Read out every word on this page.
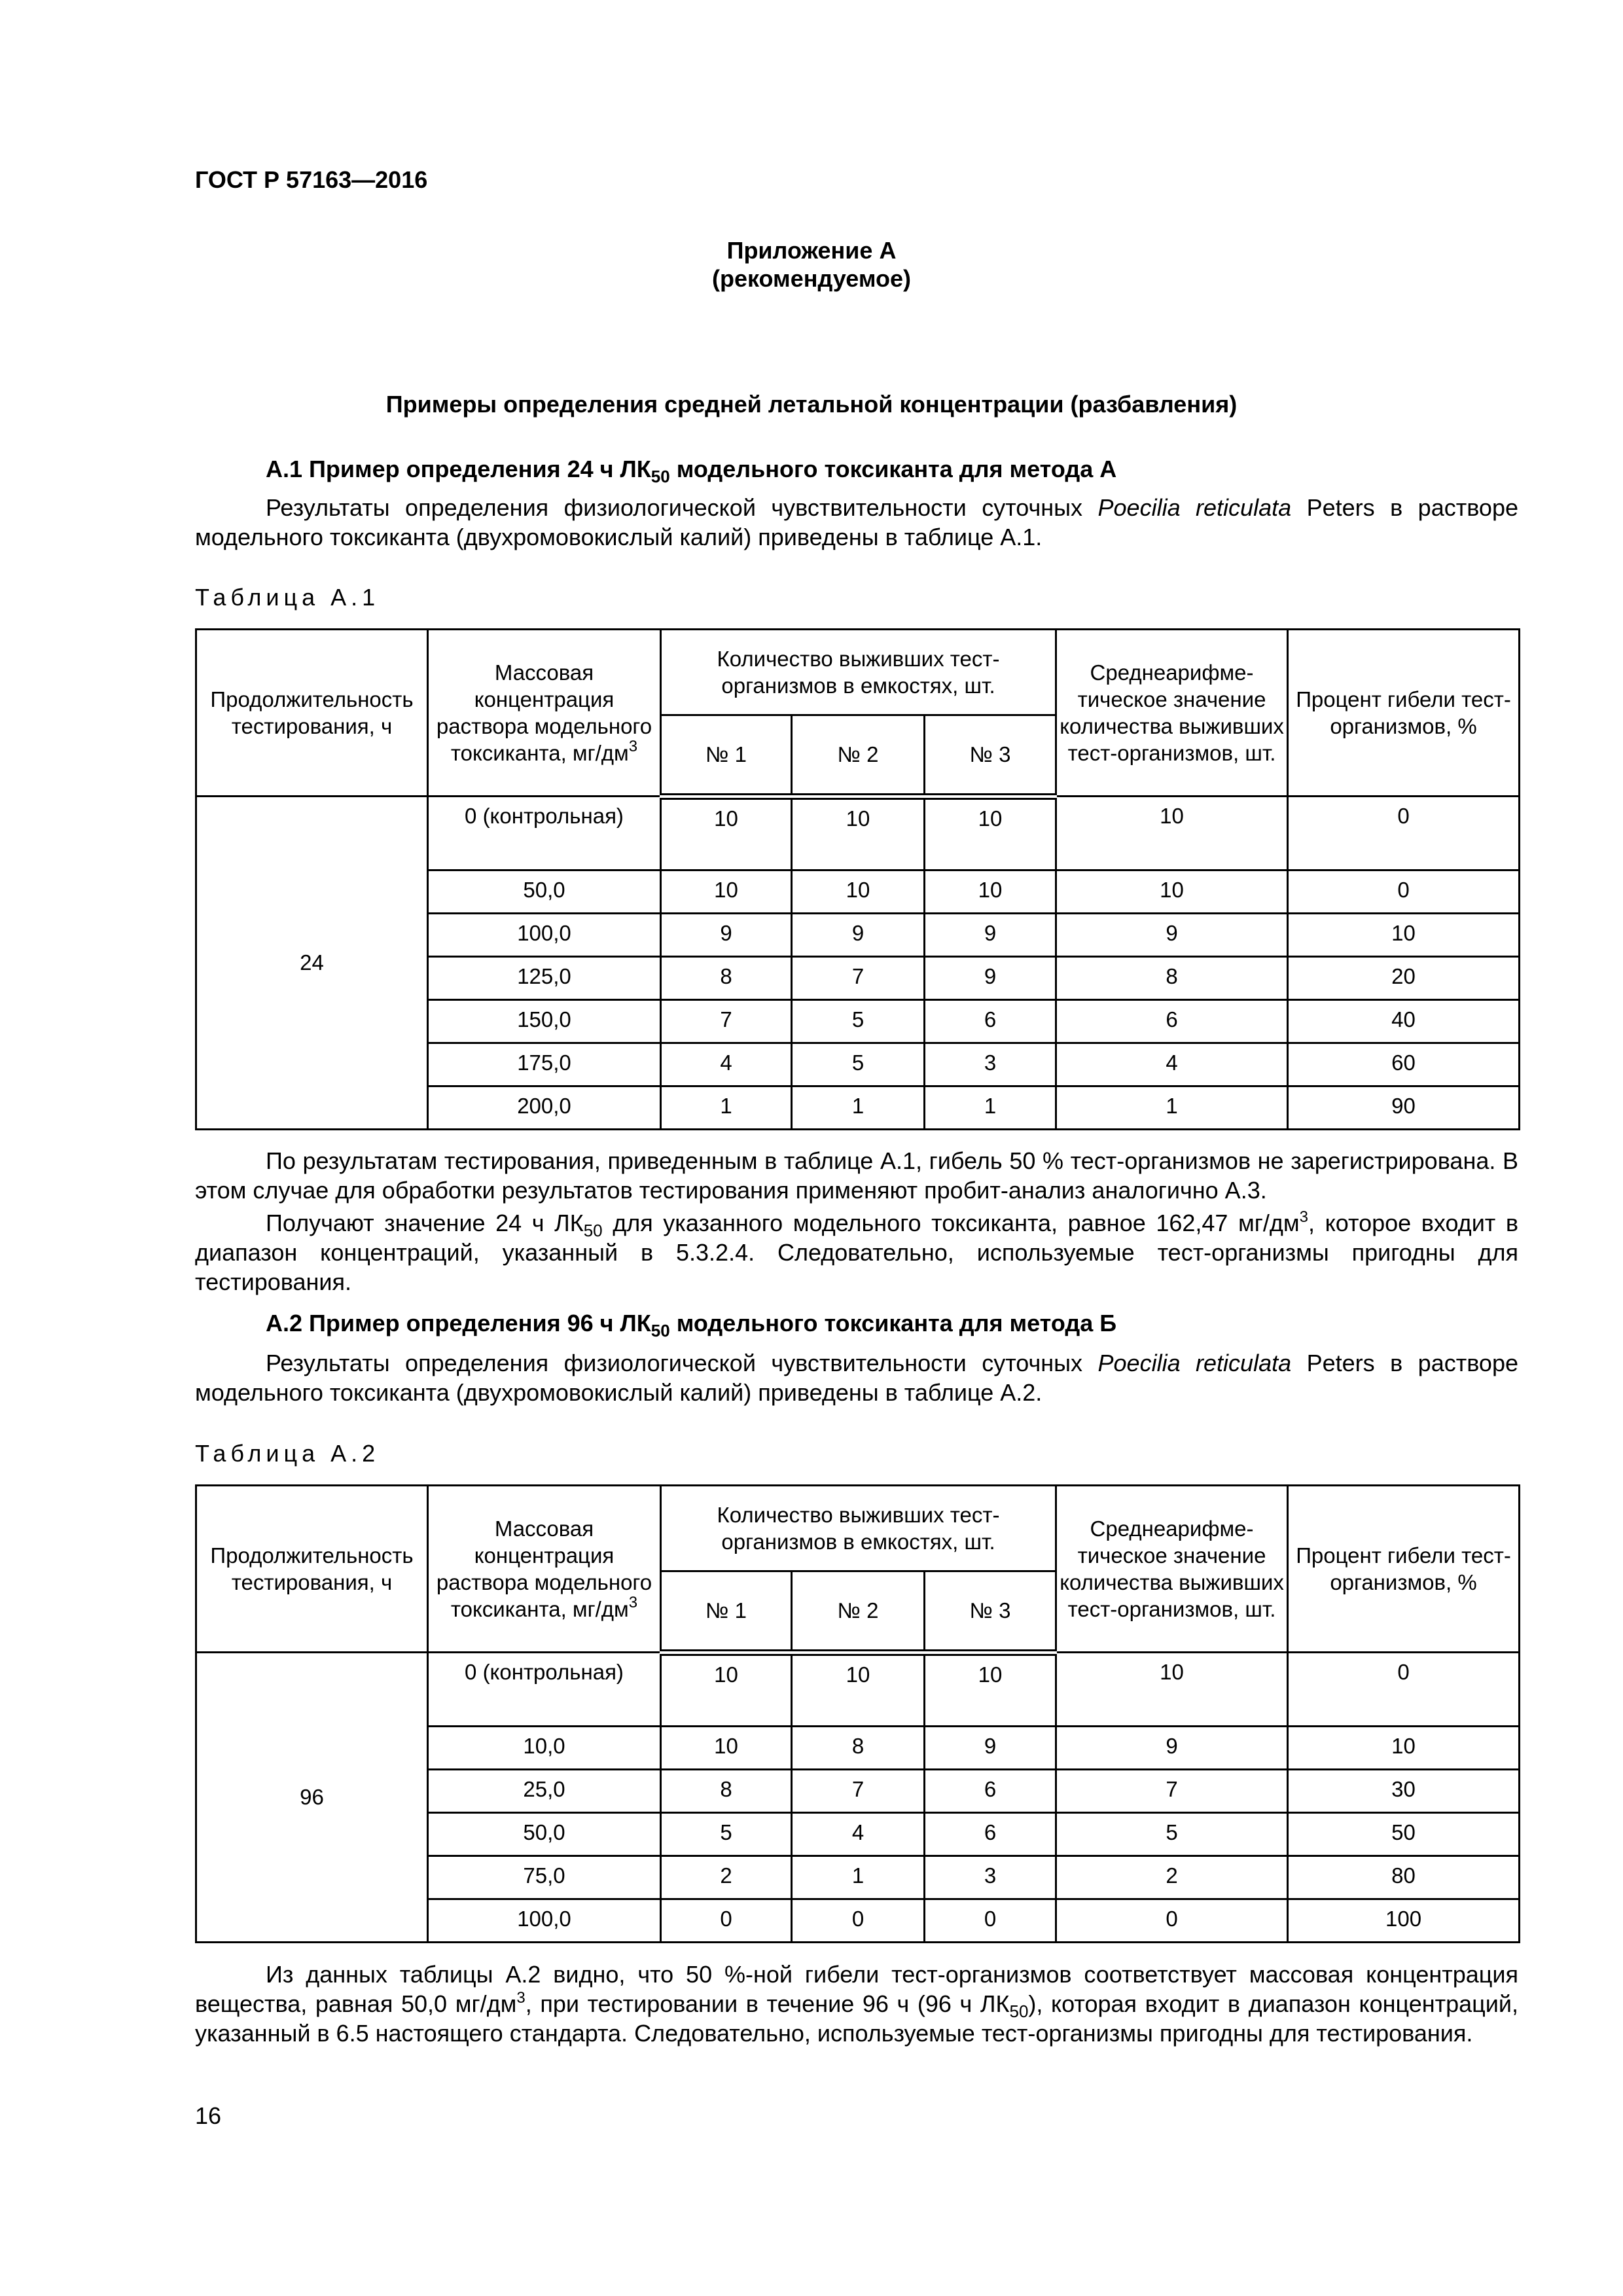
ГОСТ Р 57163—2016
Приложение А
(рекомендуемое)
Примеры определения средней летальной концентрации (разбавления)
А.1 Пример определения 24 ч $ЛК_{50}$ модельного токсиканта для метода А

Результаты определения физиологической чувствительности суточных Poecilia reticulata Peters в растворе модельного токсиканта (двухромовокислый калий) приведены в таблице А.1.

Таблица А.1
Продолжительность тестирования, ч	Массовая концентрация раствора модельного токсиканта, $мг/дм^3$	Количество выживших тест-организмов в емкостях, шт.			Среднеарифме-тическое значение количества выживших тест-организмов, шт.	Процент гибели тест-организмов, %
		№ 1	№ 2	№ 3		
24	0 (контрольная)	10	10	10	10	0
	50,0	10	10	10	10	0
	100,0	9	9	9	9	10
	125,0	8	7	9	8	20
	150,0	7	5	6	6	40
	175,0	4	5	3	4	60
	200,0	1	1	1	1	90

По результатам тестирования, приведенным в таблице А.1, гибель 50 % тест-организмов не зарегистрирована. В этом случае для обработки результатов тестирования применяют пробит-анализ аналогично А.3.

Получают значение 24 ч $ЛК_{50}$ для указанного модельного токсиканта, равное 162,47 $мг/дм^3$, которое входит в диапазон концентраций, указанный в 5.3.2.4. Следовательно, используемые тест-организмы пригодны для тестирования.

А.2 Пример определения 96 ч $ЛК_{50}$ модельного токсиканта для метода Б

Результаты определения физиологической чувствительности суточных Poecilia reticulata Peters в растворе модельного токсиканта (двухромовокислый калий) приведены в таблице А.2.

Таблица А.2
Продолжительность тестирования, ч	Массовая концентрация раствора модельного токсиканта, $мг/дм^3$	Количество выживших тест-организмов в емкостях, шт.			Среднеарифме-тическое значение количества выживших тест-организмов, шт.	Процент гибели тест-организмов, %
		№ 1	№ 2	№ 3		
96	0 (контрольная)	10	10	10	10	0
	10,0	10	8	9	9	10
	25,0	8	7	6	7	30
	50,0	5	4	6	5	50
	75,0	2	1	3	2	80
	100,0	0	0	0	0	100

Из данных таблицы А.2 видно, что 50 %-ной гибели тест-организмов соответствует массовая концентрация вещества, равная 50,0 $мг/дм^3$, при тестировании в течение 96 ч (96 ч $ЛК_{50}$), которая входит в диапазон концентраций, указанный в 6.5 настоящего стандарта. Следовательно, используемые тест-организмы пригодны для тестирования.

16
